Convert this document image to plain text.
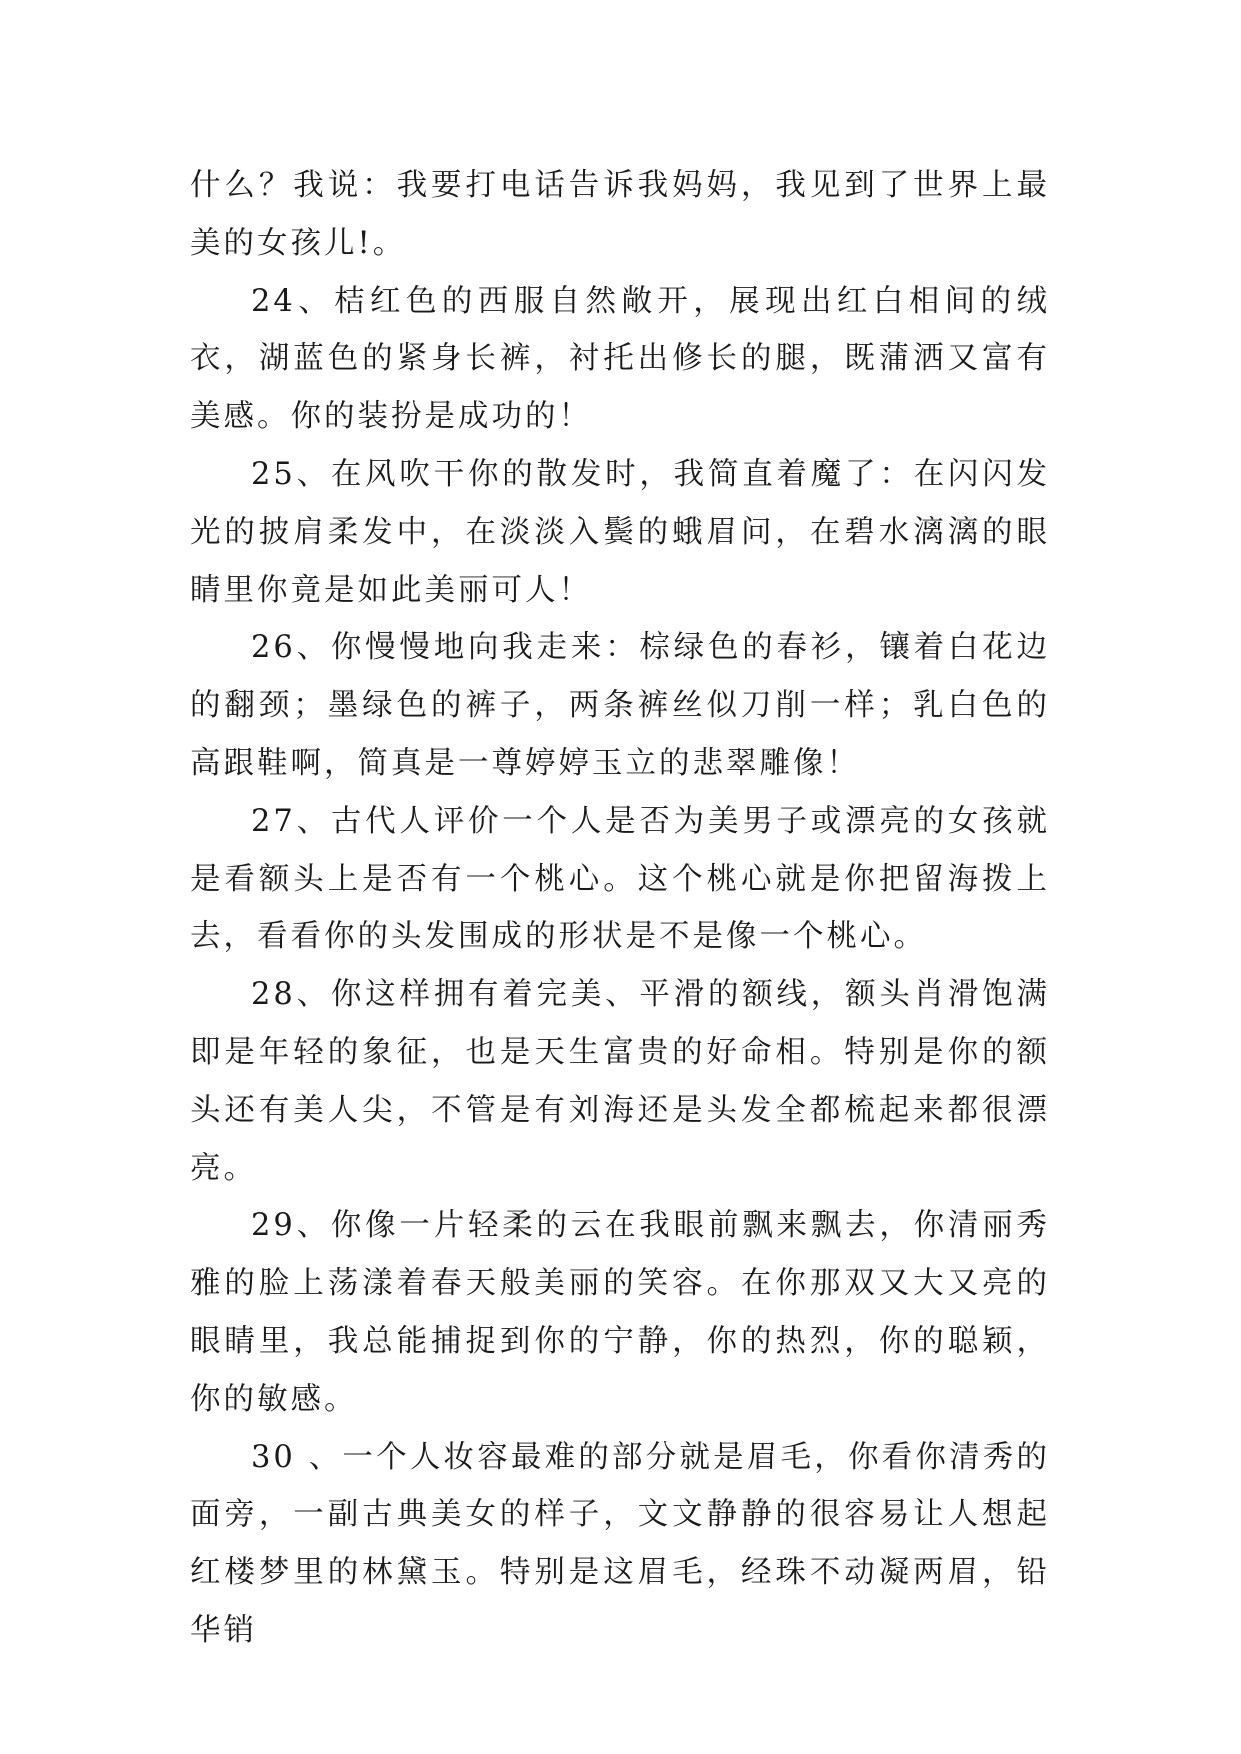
什么？我说：我要打电话告诉我妈妈，我见到了世界上最美的女孩儿!。

24、桔红色的西服自然敞开，展现出红白相间的绒衣，湖蓝色的紧身长裤，衬托出修长的腿，既蒲洒又富有美感。你的装扮是成功的！

25、在风吹干你的散发时，我简直着魔了：在闪闪发光的披肩柔发中，在淡淡入鬓的蛾眉问，在碧水漓漓的眼睛里你竟是如此美丽可人！

26、你慢慢地向我走来：棕绿色的春衫，镶着白花边的翻颈；墨绿色的裤子，两条裤丝似刀削一样；乳白色的高跟鞋啊，简真是一尊婷婷玉立的悲翠雕像！

27、古代人评价一个人是否为美男子或漂亮的女孩就是看额头上是否有一个桃心。这个桃心就是你把留海拨上去，看看你的头发围成的形状是不是像一个桃心。

28、你这样拥有着完美、平滑的额线，额头肖滑饱满即是年轻的象征，也是天生富贵的好命相。特别是你的额头还有美人尖，不管是有刘海还是头发全都梳起来都很漂亮。

29、你像一片轻柔的云在我眼前飘来飘去，你清丽秀雅的脸上荡漾着春天般美丽的笑容。在你那双又大又亮的眼睛里，我总能捕捉到你的宁静，你的热烈，你的聪颖，你的敏感。

30 、一个人妆容最难的部分就是眉毛，你看你清秀的面旁，一副古典美女的样子，文文静静的很容易让人想起红楼梦里的林黛玉。特别是这眉毛，经珠不动凝两眉，铅华销
